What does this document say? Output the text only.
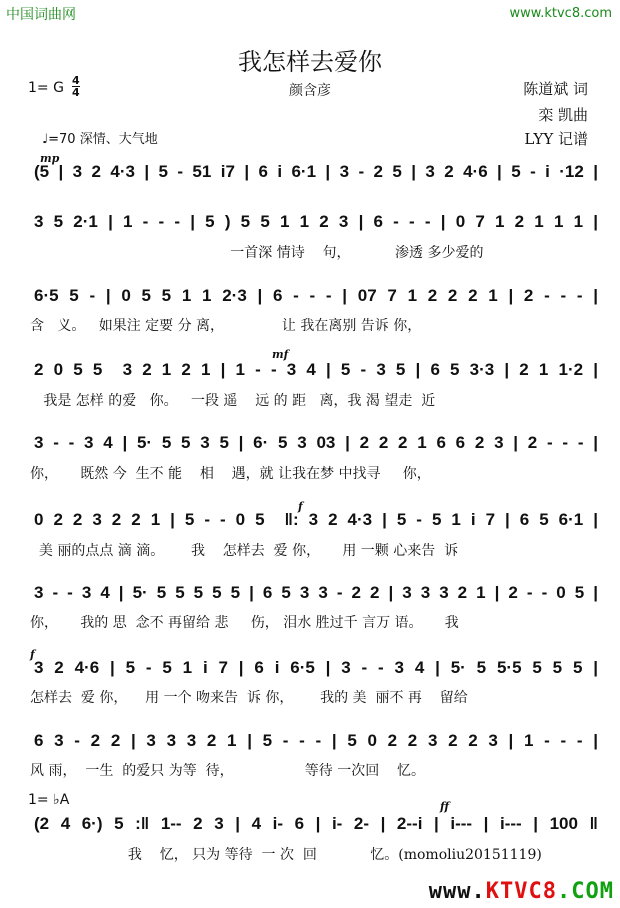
中国词曲网	www.ktvc8.com
我怎样去爱你
1= G 4
4	颜含彦	陈道斌 词
栾 凯曲
LYY 记谱
♩=70 深情、大气地
mp
mf
f
f
ff
1= ♭A
(5 | 3 2 4·3 | 5 - 51 i7 | 6 i 6·1 | 3 - 2 5 | 3 2 4·6 | 5 - i ·12 |
3 5 2·1 | 1 - - - | 5 ) 5 5 1 1 2 3 | 6 - - - | 0 7 1 2 1 1 1 |
一首深 情诗    句，          渗透 多少爱的
6·5 5 - | 0 5 5 1 1 2·3 | 6 - - - | 07 7 1 2 2 2 1 | 2 - - - |
含   义。   如果注 定要 分 离，             让 我在离别 告诉 你，
2 0 5 5  3 2 1 2 1 | 1 - - 3 4 | 5 - 3 5 | 6 5 3·3 | 2 1 1·2 |
我是 怎样 的爱   你。   一段 遥    远 的 距   离，我 渴 望走  近
3 - - 3 4 | 5· 5 5 3 5 | 6· 5 3 03 | 2 2 2 1 6 6 2 3 | 2 - - - |
你，     既然 今  生不 能    相    遇，就 让我在梦 中找寻     你，
0 2 2 3 2 2 1 | 5 - - 0 5  ‖: 3 2 4·3 | 5 - 5 1 i 7 | 6 5 6·1 |
美 丽的点点 滴 滴。      我    怎样去  爱 你，     用 一颗 心来告  诉
3 - - 3 4 | 5· 5 5 5 5 5 | 6 5 3 3 - 2 2 | 3 3 3 2 1 | 2 - - 0 5 |
你，     我的 思  念不 再留给 悲     伤， 泪水 胜过千 言万 语。     我
3 2 4·6 | 5 - 5 1 i 7 | 6 i 6·5 | 3 - - 3 4 | 5· 5 5·5 5 5 5 |
怎样去  爱 你，    用 一个 吻来告  诉 你，      我的 美  丽不 再    留给
6 3 - 2 2 | 3 3 3 2 1 | 5 - - - | 5 0 2 2 3 2 2 3 | 1 - - - |
风 雨，  一生  的爱只 为等  待，                等待 一次回    忆。
(2 4 6·) 5 :‖ 1-- 2 3 | 4 i- 6 | i- 2- | 2--i | i--- | i--- | 100 ‖
我    忆， 只为 等待  一 次  回            忆。(momoliu20151119)
www.KTVC8.COM
